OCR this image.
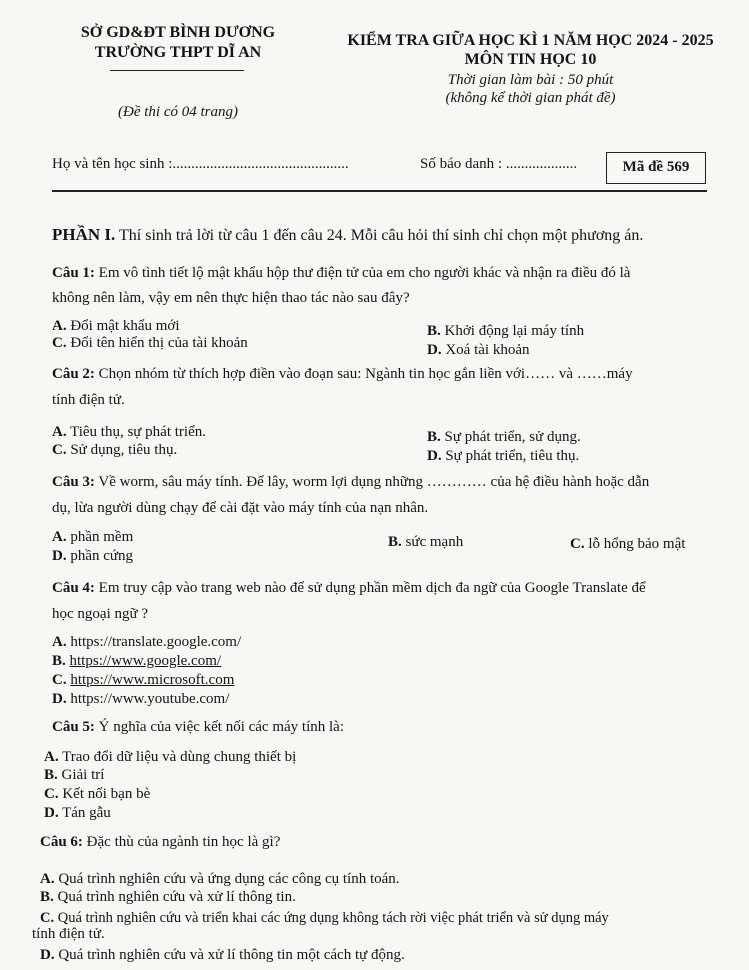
SỞ GD&ĐT BÌNH DƯƠNG
TRƯỜNG THPT DĨ AN
(Đề thi có 04 trang)
KIỂM TRA GIỮA HỌC KÌ 1 NĂM HỌC 2024 - 2025
MÔN TIN HỌC 10
Thời gian làm bài : 50 phút
(không kể thời gian phát đề)
Họ và tên học sinh :...............................................	Số báo danh : ...................	Mã đề 569
PHẦN I. Thí sinh trả lời từ câu 1 đến câu 24. Mỗi câu hỏi thí sinh chỉ chọn một phương án.
Câu 1: Em vô tình tiết lộ mật khẩu hộp thư điện tử của em cho người khác và nhận ra điều đó là
không nên làm, vậy em nên thực hiện thao tác nào sau đây?
A. Đổi mật khẩu mới	B. Khởi động lại máy tính
C. Đổi tên hiển thị của tài khoản	D. Xoá tài khoản
Câu 2: Chọn nhóm từ thích hợp điền vào đoạn sau: Ngành tin học gắn liền với…… và ……máy
tính điện tử.
A. Tiêu thụ, sự phát triển.	B. Sự phát triển, sử dụng.
C. Sử dụng, tiêu thụ.	D. Sự phát triển, tiêu thụ.
Câu 3: Về worm, sâu máy tính. Để lây, worm lợi dụng những ………… của hệ điều hành hoặc dẫn
dụ, lừa người dùng chạy để cài đặt vào máy tính của nạn nhân.
A. phần mềm	B. sức mạnh	C. lỗ hổng bảo mật
D. phần cứng
Câu 4: Em truy cập vào trang web nào để sử dụng phần mềm dịch đa ngữ của Google Translate để
học ngoại ngữ ?
A. https://translate.google.com/
B. https://www.google.com/
C. https://www.microsoft.com
D. https://www.youtube.com/
Câu 5: Ý nghĩa của việc kết nối các máy tính là:
A. Trao đổi dữ liệu và dùng chung thiết bị
B. Giải trí
C. Kết nối bạn bè
D. Tán gẫu
Câu 6: Đặc thù của ngành tin học là gì?
A. Quá trình nghiên cứu và ứng dụng các công cụ tính toán.
B. Quá trình nghiên cứu và xử lí thông tin.
C. Quá trình nghiên cứu và triển khai các ứng dụng không tách rời việc phát triển và sử dụng máy
tính điện tử.
D. Quá trình nghiên cứu và xử lí thông tin một cách tự động.
